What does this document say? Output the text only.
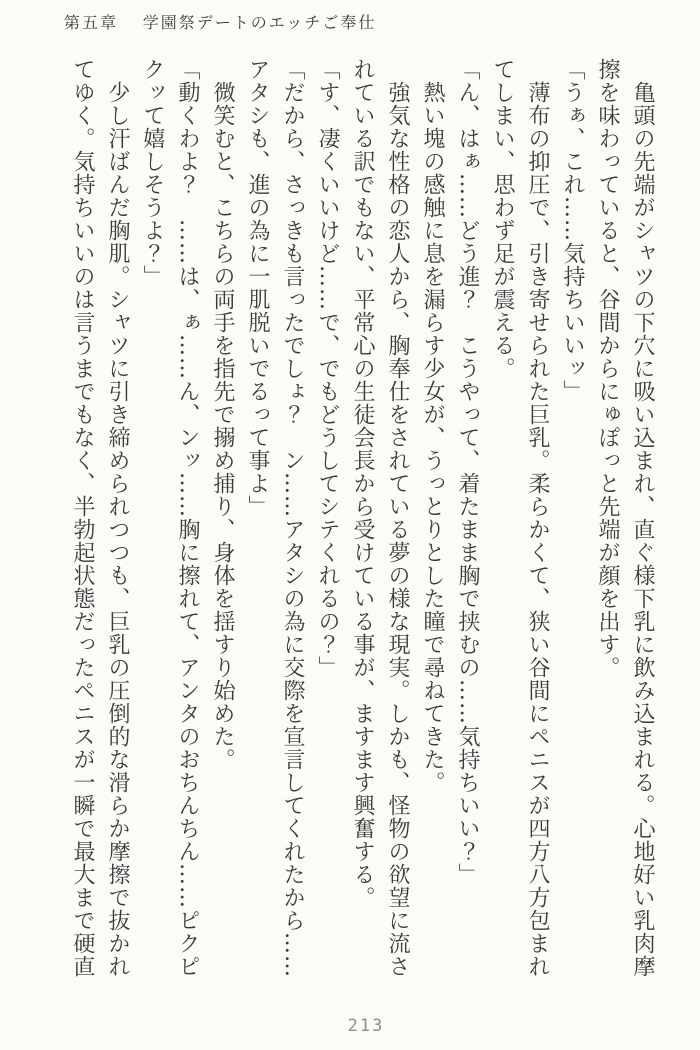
第五章 学園祭デートのエッチご奉仕
　亀頭の先端がシャツの下穴に吸い込まれ、直ぐ様下乳に飲み込まれる。心地好い乳肉摩
擦を味わっていると、谷間からにゅぽっと先端が顔を出す。
「うぁ、これ……気持ちいいッ」
　薄布の抑圧で、引き寄せられた巨乳。柔らかくて、狭い谷間にペニスが四方八方包まれ
てしまい、思わず足が震える。
「ん、はぁ……どう進？　こうやって、着たまま胸で挟むの……気持ちいい？」
　熱い塊の感触に息を漏らす少女が、うっとりとした瞳で尋ねてきた。
　強気な性格の恋人から、胸奉仕をされている夢の様な現実。しかも、怪物の欲望に流さ
れている訳でもない、平常心の生徒会長から受けている事が、ますます興奮する。
「す、凄くいいけど……で、でもどうしてシテくれるの？」
「だから、さっきも言ったでしょ？　ン……アタシの為に交際を宣言してくれたから……
アタシも、進の為に一肌脱いでるって事よ」
　微笑むと、こちらの両手を指先で搦め捕り、身体を揺すり始めた。
「動くわよ？　……は、ぁ……ん、ンッ……胸に擦れて、アンタのおちんちん……ピクピ
クッて嬉しそうよ？」
　少し汗ばんだ胸肌。シャツに引き締められつつも、巨乳の圧倒的な滑らか摩擦で抜かれ
てゆく。気持ちいいのは言うまでもなく、半勃起状態だったペニスが一瞬で最大まで硬直
213
